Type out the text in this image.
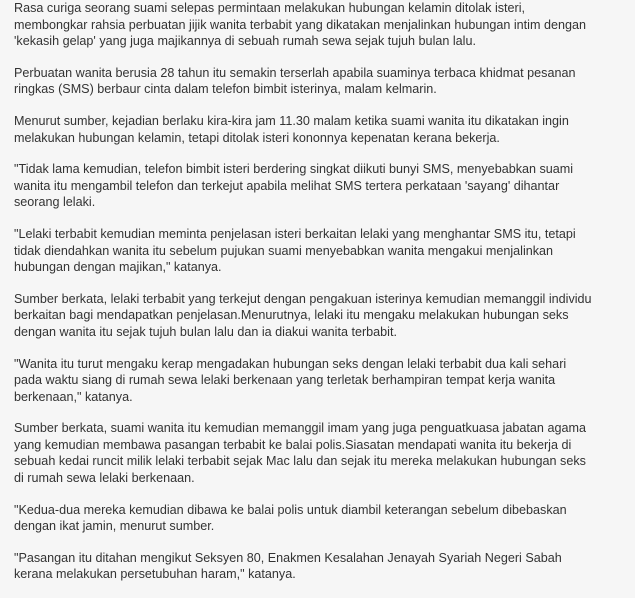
Rasa curiga seorang suami selepas permintaan melakukan hubungan kelamin ditolak isteri,
membongkar rahsia perbuatan jijik wanita terbabit yang dikatakan menjalinkan hubungan intim dengan
'kekasih gelap' yang juga majikannya di sebuah rumah sewa sejak tujuh bulan lalu.

Perbuatan wanita berusia 28 tahun itu semakin terserlah apabila suaminya terbaca khidmat pesanan
ringkas (SMS) berbaur cinta dalam telefon bimbit isterinya, malam kelmarin.

Menurut sumber, kejadian berlaku kira-kira jam 11.30 malam ketika suami wanita itu dikatakan ingin
melakukan hubungan kelamin, tetapi ditolak isteri kononnya kepenatan kerana bekerja.

"Tidak lama kemudian, telefon bimbit isteri berdering singkat diikuti bunyi SMS, menyebabkan suami
wanita itu mengambil telefon dan terkejut apabila melihat SMS tertera perkataan 'sayang' dihantar
seorang lelaki.

"Lelaki terbabit kemudian meminta penjelasan isteri berkaitan lelaki yang menghantar SMS itu, tetapi
tidak diendahkan wanita itu sebelum pujukan suami menyebabkan wanita mengakui menjalinkan
hubungan dengan majikan," katanya.

Sumber berkata, lelaki terbabit yang terkejut dengan pengakuan isterinya kemudian memanggil individu
berkaitan bagi mendapatkan penjelasan.Menurutnya, lelaki itu mengaku melakukan hubungan seks
dengan wanita itu sejak tujuh bulan lalu dan ia diakui wanita terbabit.

"Wanita itu turut mengaku kerap mengadakan hubungan seks dengan lelaki terbabit dua kali sehari
pada waktu siang di rumah sewa lelaki berkenaan yang terletak berhampiran tempat kerja wanita
berkenaan," katanya.

Sumber berkata, suami wanita itu kemudian memanggil imam yang juga penguatkuasa jabatan agama
yang kemudian membawa pasangan terbabit ke balai polis.Siasatan mendapati wanita itu bekerja di
sebuah kedai runcit milik lelaki terbabit sejak Mac lalu dan sejak itu mereka melakukan hubungan seks
di rumah sewa lelaki berkenaan.

"Kedua-dua mereka kemudian dibawa ke balai polis untuk diambil keterangan sebelum dibebaskan
dengan ikat jamin, menurut sumber.

"Pasangan itu ditahan mengikut Seksyen 80, Enakmen Kesalahan Jenayah Syariah Negeri Sabah
kerana melakukan persetubuhan haram," katanya.
